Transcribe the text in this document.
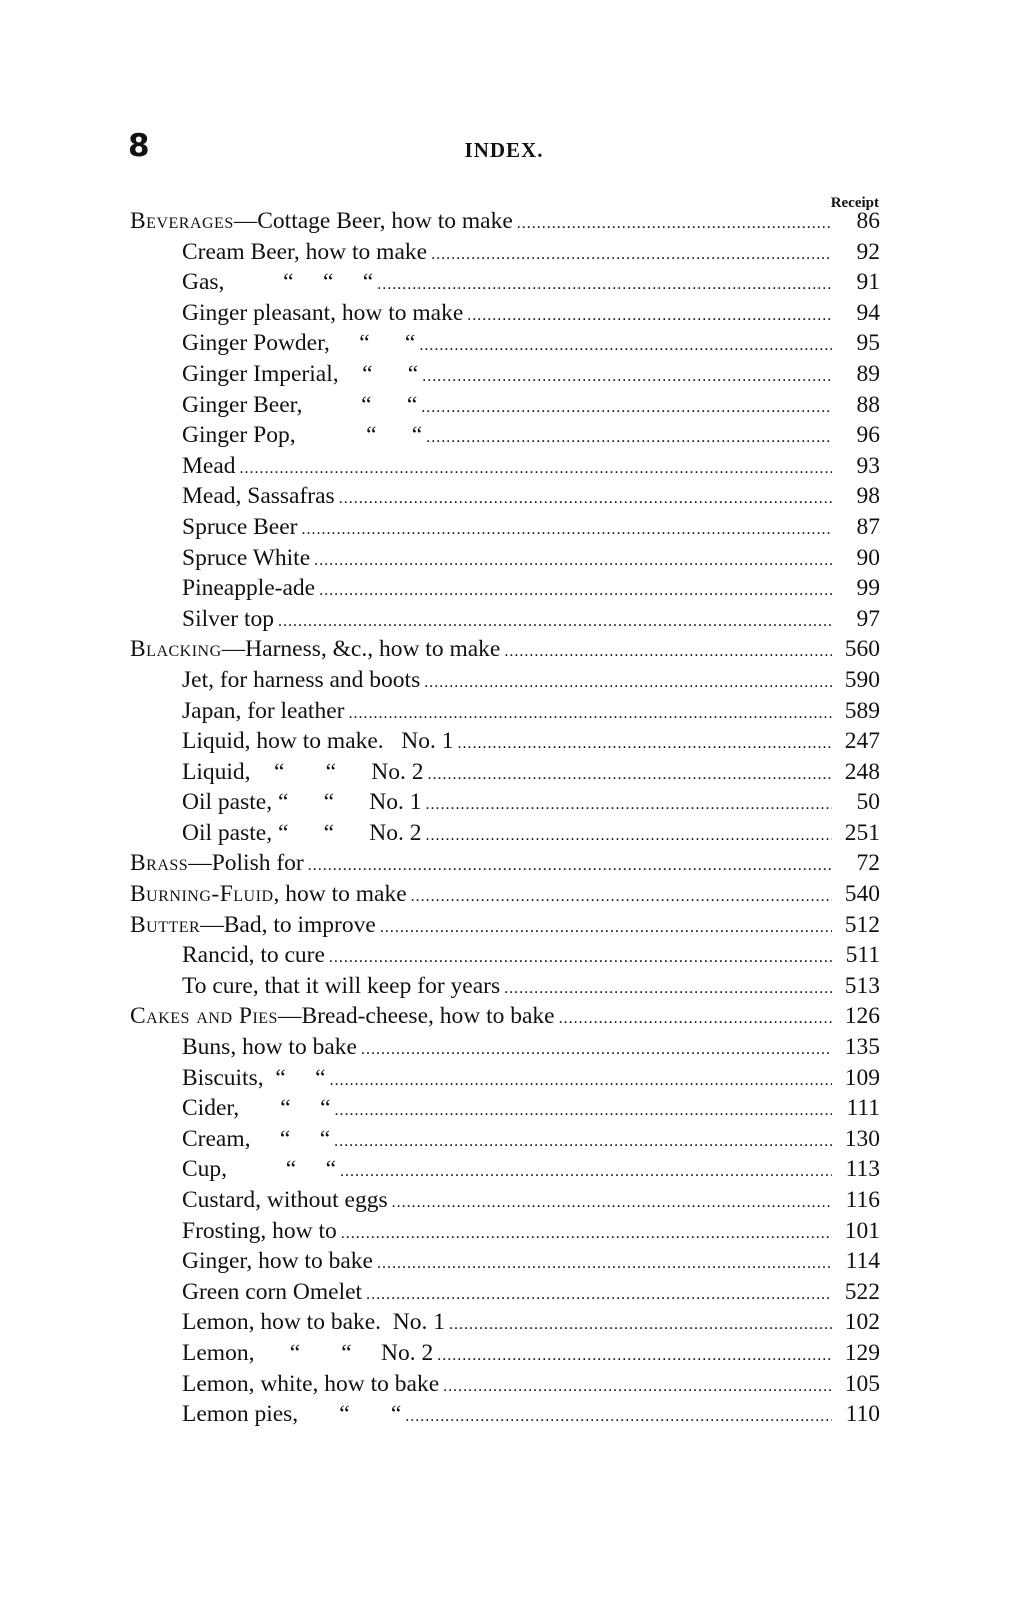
8	INDEX.
Receipt
Beverages—Cottage Beer, how to make . . .	86
Cream Beer, how to make . . .	92
Gas,          “     “     “ . . .	91
Ginger pleasant, how to make . . .	94
Ginger Powder,     “      “ . . .	95
Ginger Imperial,    “      “ . . .	89
Ginger Beer,          “      “ . . .	88
Ginger Pop,            “      “ . . .	96
Mead . . .	93
Mead, Sassafras . . .	98
Spruce Beer . . .	87
Spruce White . . .	90
Pineapple-ade . . .	99
Silver top . . .	97
Blacking—Harness, &c., how to make . . .	560
Jet, for harness and boots . . .	590
Japan, for leather . . .	589
Liquid, how to make.   No. 1 . . .	247
Liquid,    “       “      No. 2 . . .	248
Oil paste, “      “      No. 1 . . .	50
Oil paste, “      “      No. 2 . . .	251
Brass—Polish for . . .	72
Burning-Fluid, how to make . . .	540
Butter—Bad, to improve . . .	512
Rancid, to cure . . .	511
To cure, that it will keep for years . . .	513
Cakes and Pies—Bread-cheese, how to bake . . .	126
Buns, how to bake . . .	135
Biscuits,  “     “ . . .	109
Cider,       “     “ . . .	111
Cream,     “     “ . . .	130
Cup,          “     “ . . .	113
Custard, without eggs . . .	116
Frosting, how to . . .	101
Ginger, how to bake . . .	114
Green corn Omelet . . .	522
Lemon, how to bake.  No. 1 . . .	102
Lemon,      “       “     No. 2 . . .	129
Lemon, white, how to bake . . .	105
Lemon pies,       “       “ . . .	110
